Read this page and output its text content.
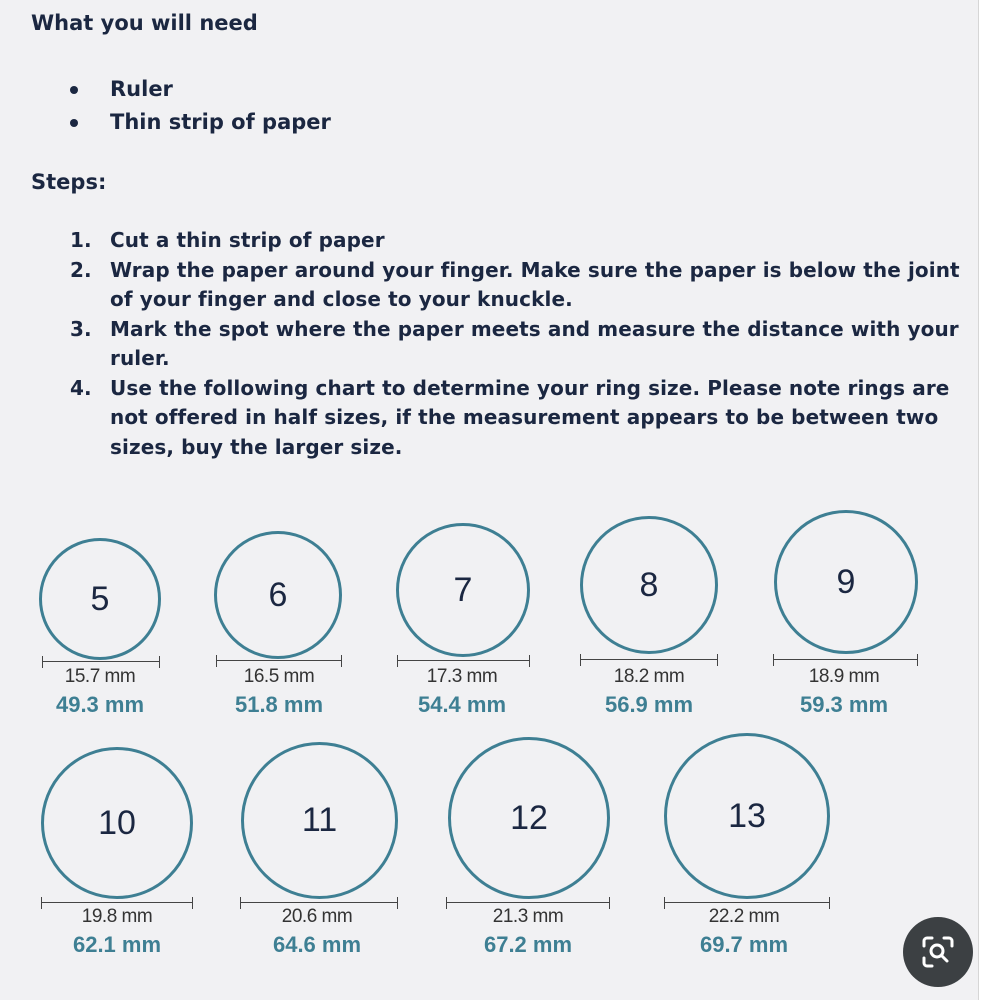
What you will need
Ruler
Thin strip of paper
Steps:
1. Cut a thin strip of paper
2. Wrap the paper around your finger. Make sure the paper is below the joint of your finger and close to your knuckle.
3. Mark the spot where the paper meets and measure the distance with your ruler.
4. Use the following chart to determine your ring size. Please note rings are not offered in half sizes, if the measurement appears to be between two sizes, buy the larger size.
5
15.7 mm
49.3 mm
6
16.5 mm
51.8 mm
7
17.3 mm
54.4 mm
8
18.2 mm
56.9 mm
9
18.9 mm
59.3 mm
10
19.8 mm
62.1 mm
11
20.6 mm
64.6 mm
12
21.3 mm
67.2 mm
13
22.2 mm
69.7 mm
